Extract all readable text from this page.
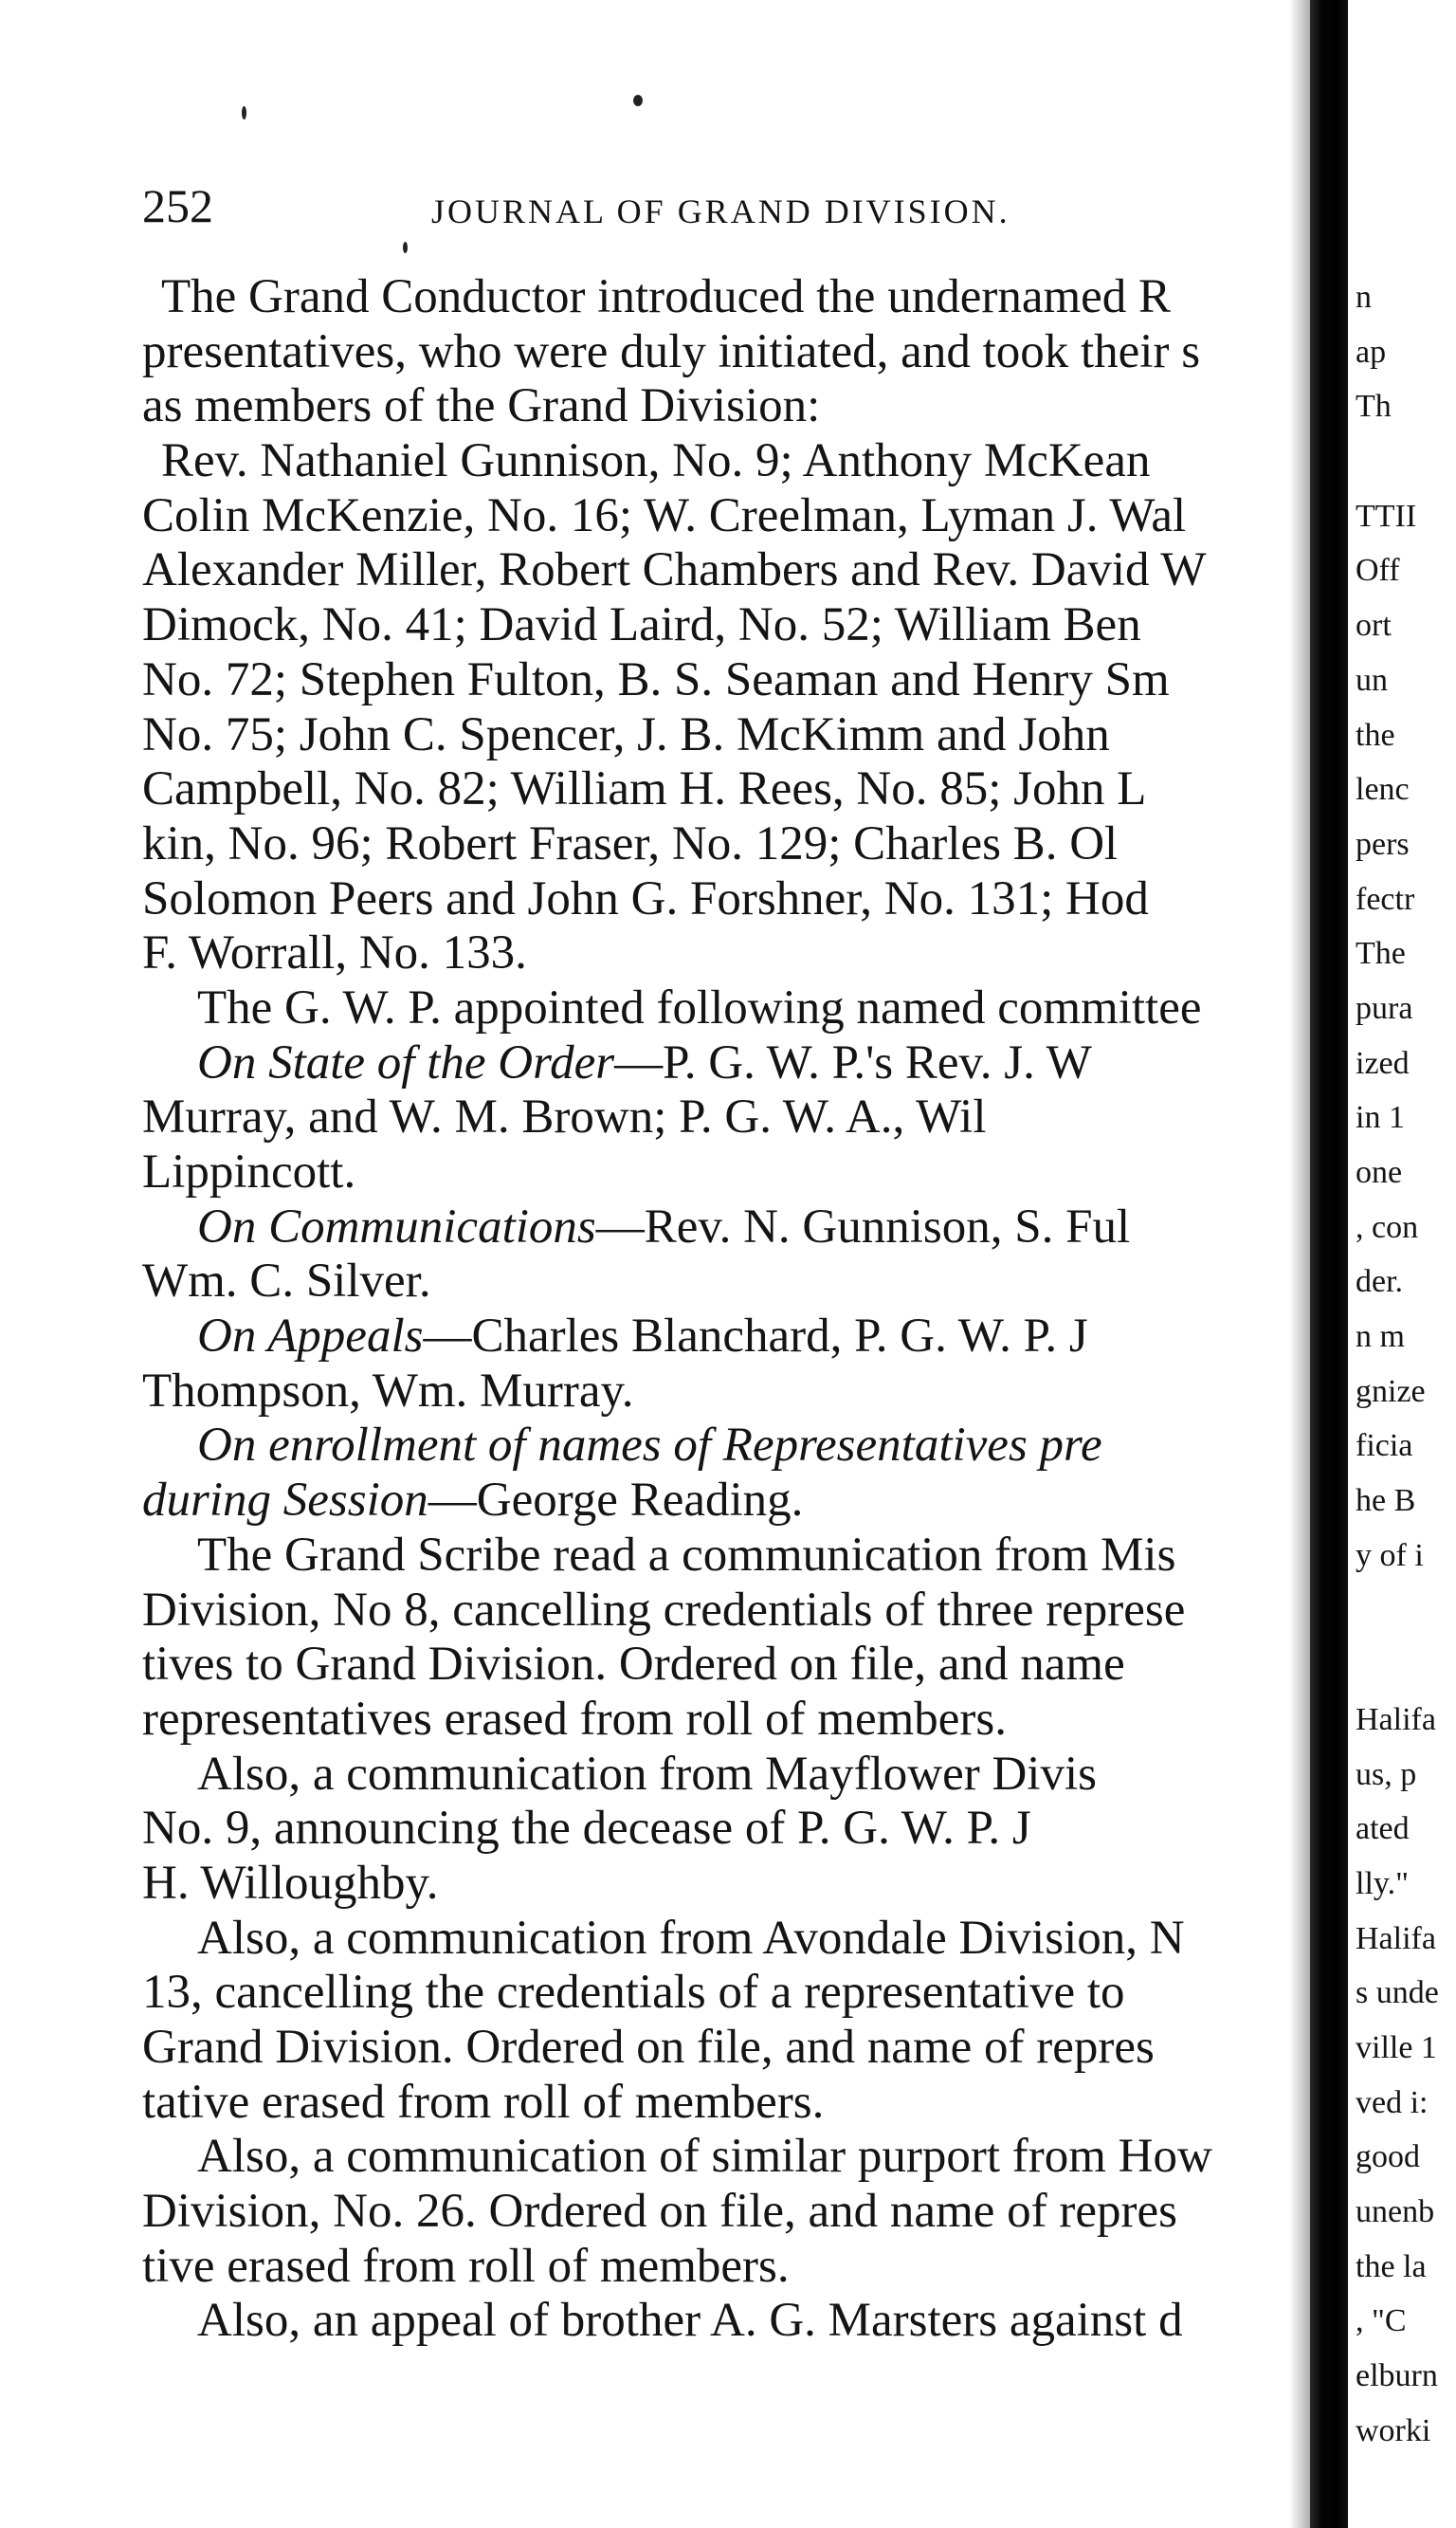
252	JOURNAL OF GRAND DIVISION.
The Grand Conductor introduced the undernamed R
presentatives, who were duly initiated, and took their s
as members of the Grand Division:
Rev. Nathaniel Gunnison, No. 9; Anthony McKean
Colin McKenzie, No. 16; W. Creelman, Lyman J. Wal
Alexander Miller, Robert Chambers and Rev. David W
Dimock, No. 41; David Laird, No. 52; William Ben
No. 72; Stephen Fulton, B. S. Seaman and Henry Sm
No. 75; John C. Spencer, J. B. McKimm and John
Campbell, No. 82; William H. Rees, No. 85; John L
kin, No. 96; Robert Fraser, No. 129; Charles B. Ol
Solomon Peers and John G. Forshner, No. 131; Hod
F. Worrall, No. 133.
The G. W. P. appointed following named committee
On State of the Order—P. G. W. P.'s Rev. J. W
Murray, and W. M. Brown; P. G. W. A., Wil
Lippincott.
On Communications—Rev. N. Gunnison, S. Ful
Wm. C. Silver.
On Appeals—Charles Blanchard, P. G. W. P. J
Thompson, Wm. Murray.
On enrollment of names of Representatives pre
during Session—George Reading.
The Grand Scribe read a communication from Mis
Division, No 8, cancelling credentials of three represe
tives to Grand Division. Ordered on file, and name
representatives erased from roll of members.
Also, a communication from Mayflower Divis
No. 9, announcing the decease of P. G. W. P. J
H. Willoughby.
Also, a communication from Avondale Division, N
13, cancelling the credentials of a representative to
Grand Division. Ordered on file, and name of repres
tative erased from roll of members.
Also, a communication of similar purport from How
Division, No. 26. Ordered on file, and name of repres
tive erased from roll of members.
Also, an appeal of brother A. G. Marsters against d
n
ap
Th
TTII
Off
ort
un
the
lenc
pers
fectr
The
pura
ized
in 1
one
, con
der.
n m
gnize
ficia
he B
y of i
Halifa
us, p
ated
lly."
Halifa
s unde
ville 1
ved i:
good
unenb
the la
, "C
elburn
worki
